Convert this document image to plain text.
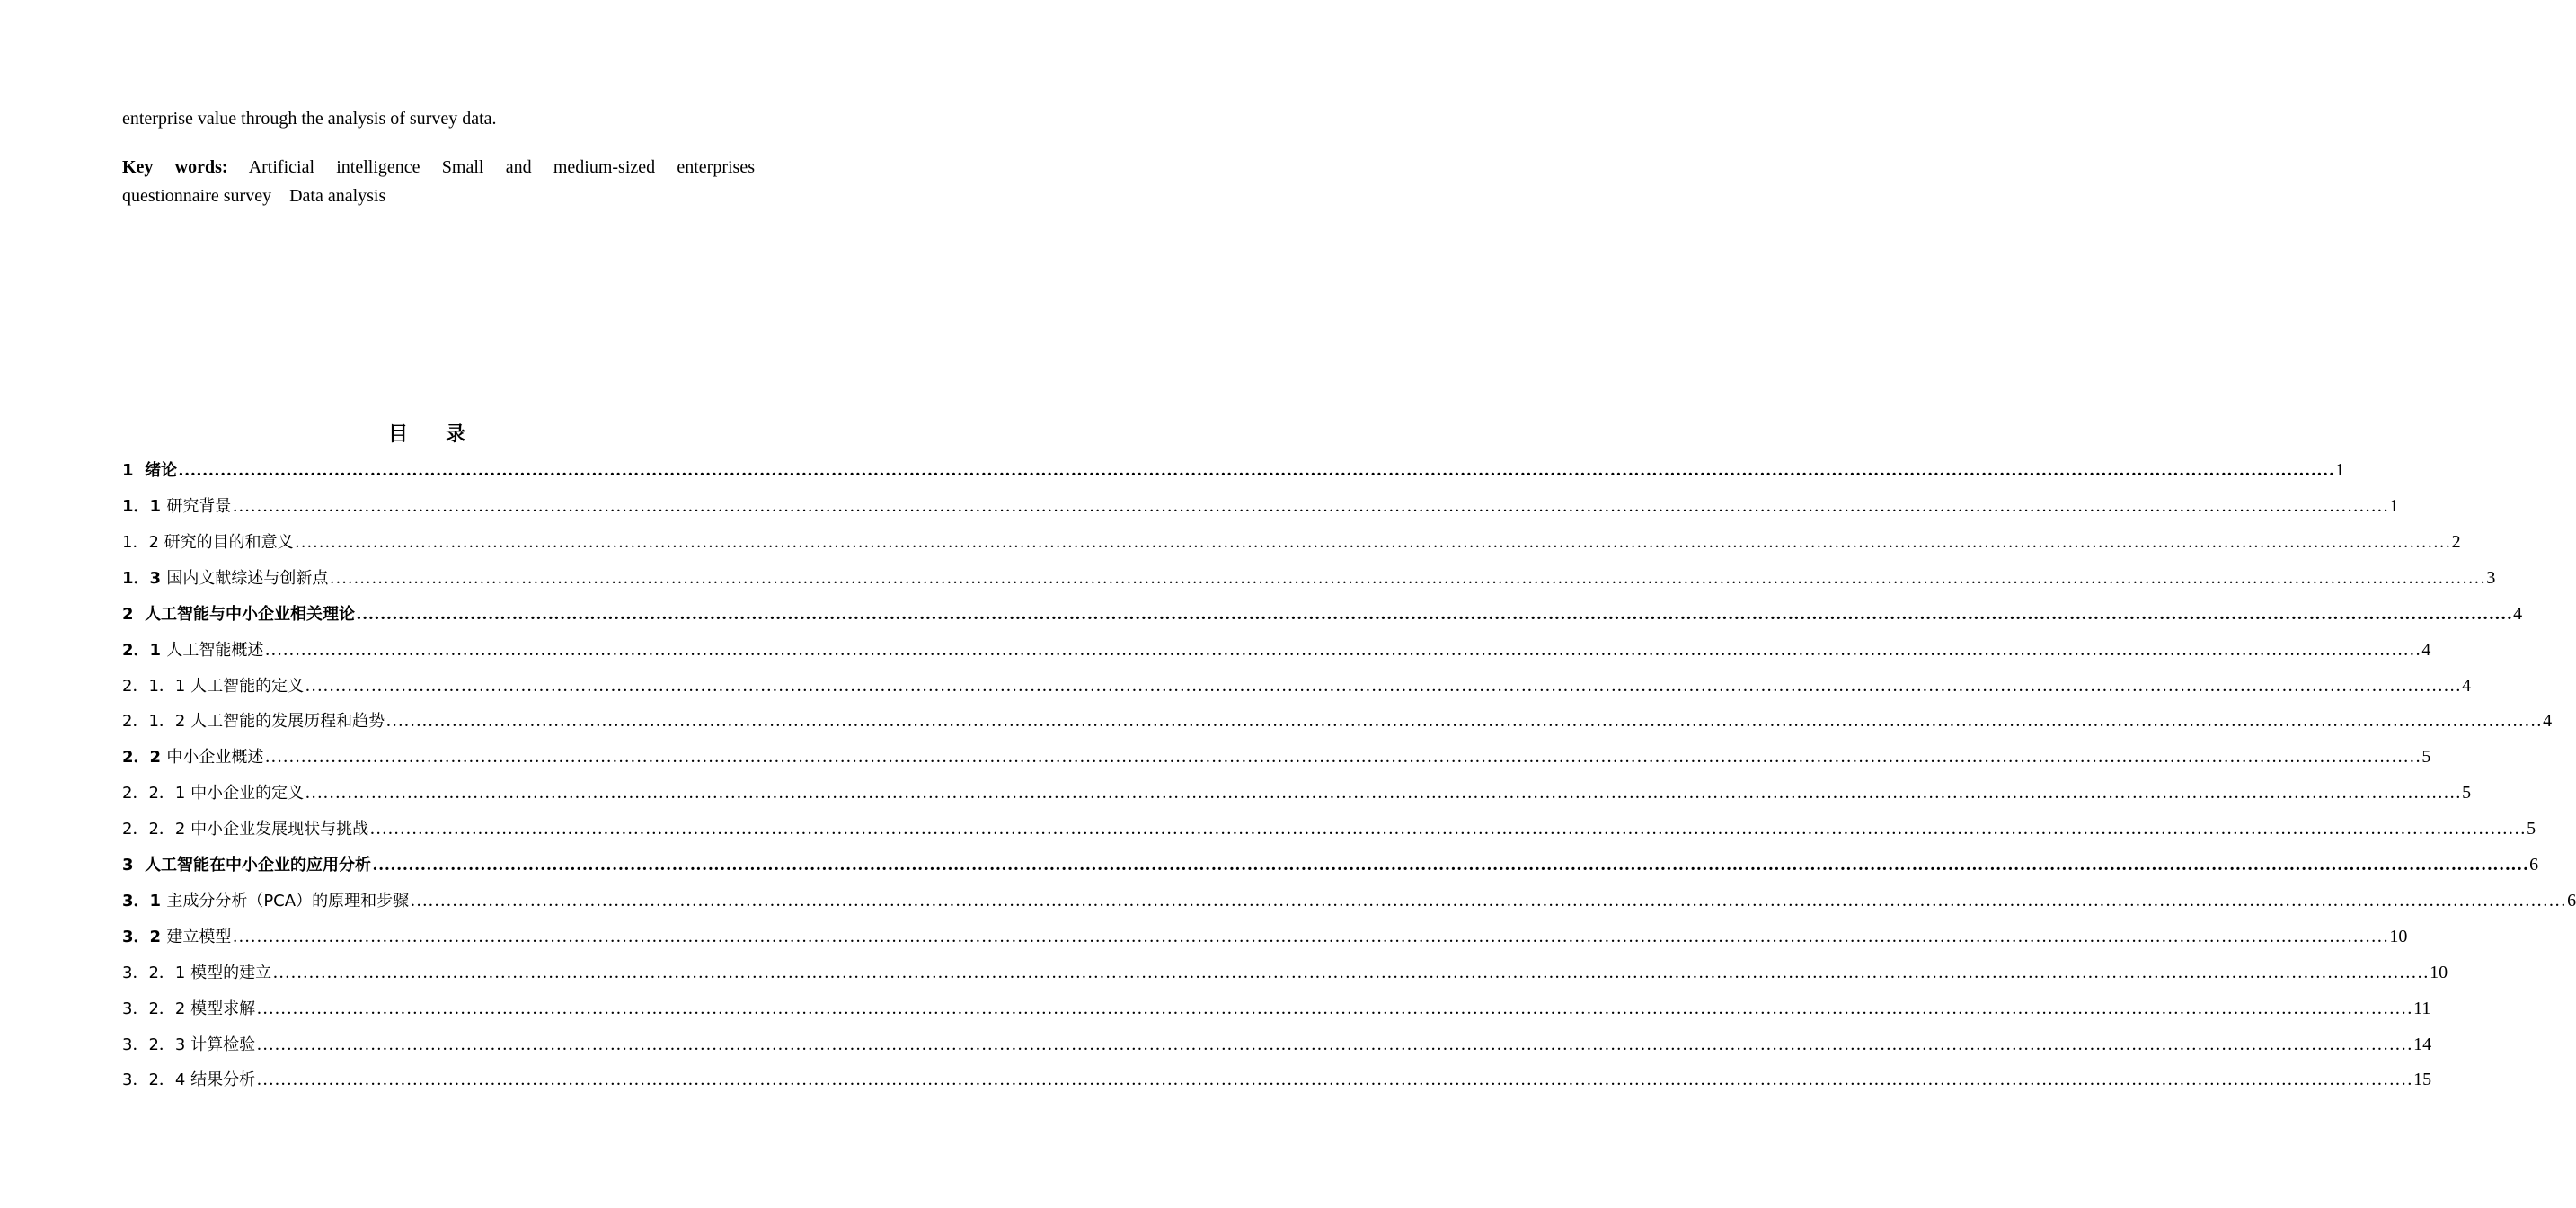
enterprise value through the analysis of survey data.
Key words: Artificial intelligence Small and medium-sized enterprises
questionnaire survey    Data analysis
目 录
1 绪论 ……………………………………………………………………………………………………………………………………………………………………………………………………………………………………………………………………………………………………………………………… 1
1．1 研究背景 ……………………………………………………………………………………………………………………………………………………………………………………………………………………………………………………………………………………………………………………………… 1
1．2 研究的目的和意义 ……………………………………………………………………………………………………………………………………………………………………………………………………………………………………………………………………………………………………………………………… 2
1．3 国内文献综述与创新点 ……………………………………………………………………………………………………………………………………………………………………………………………………………………………………………………………………………………………………………………………… 3
2 人工智能与中小企业相关理论 ……………………………………………………………………………………………………………………………………………………………………………………………………………………………………………………………………………………………………………………………… 4
2．1 人工智能概述 ……………………………………………………………………………………………………………………………………………………………………………………………………………………………………………………………………………………………………………………………… 4
2．1．1 人工智能的定义 ……………………………………………………………………………………………………………………………………………………………………………………………………………………………………………………………………………………………………………………………… 4
2．1．2 人工智能的发展历程和趋势 ……………………………………………………………………………………………………………………………………………………………………………………………………………………………………………………………………………………………………………………………… 4
2．2 中小企业概述 ……………………………………………………………………………………………………………………………………………………………………………………………………………………………………………………………………………………………………………………………… 5
2．2．1 中小企业的定义 ……………………………………………………………………………………………………………………………………………………………………………………………………………………………………………………………………………………………………………………………… 5
2．2．2 中小企业发展现状与挑战 ……………………………………………………………………………………………………………………………………………………………………………………………………………………………………………………………………………………………………………………………… 5
3 人工智能在中小企业的应用分析 ……………………………………………………………………………………………………………………………………………………………………………………………………………………………………………………………………………………………………………………………… 6
3．1 主成分分析（PCA）的原理和步骤 ……………………………………………………………………………………………………………………………………………………………………………………………………………………………………………………………………………………………………………………………… 6
3．2 建立模型 ……………………………………………………………………………………………………………………………………………………………………………………………………………………………………………………………………………………………………………………………… 10
3．2．1 模型的建立 ……………………………………………………………………………………………………………………………………………………………………………………………………………………………………………………………………………………………………………………………… 10
3．2．2 模型求解 ……………………………………………………………………………………………………………………………………………………………………………………………………………………………………………………………………………………………………………………………… 11
3．2．3 计算检验 ……………………………………………………………………………………………………………………………………………………………………………………………………………………………………………………………………………………………………………………………… 14
3．2．4 结果分析 ……………………………………………………………………………………………………………………………………………………………………………………………………………………………………………………………………………………………………………………………… 15
